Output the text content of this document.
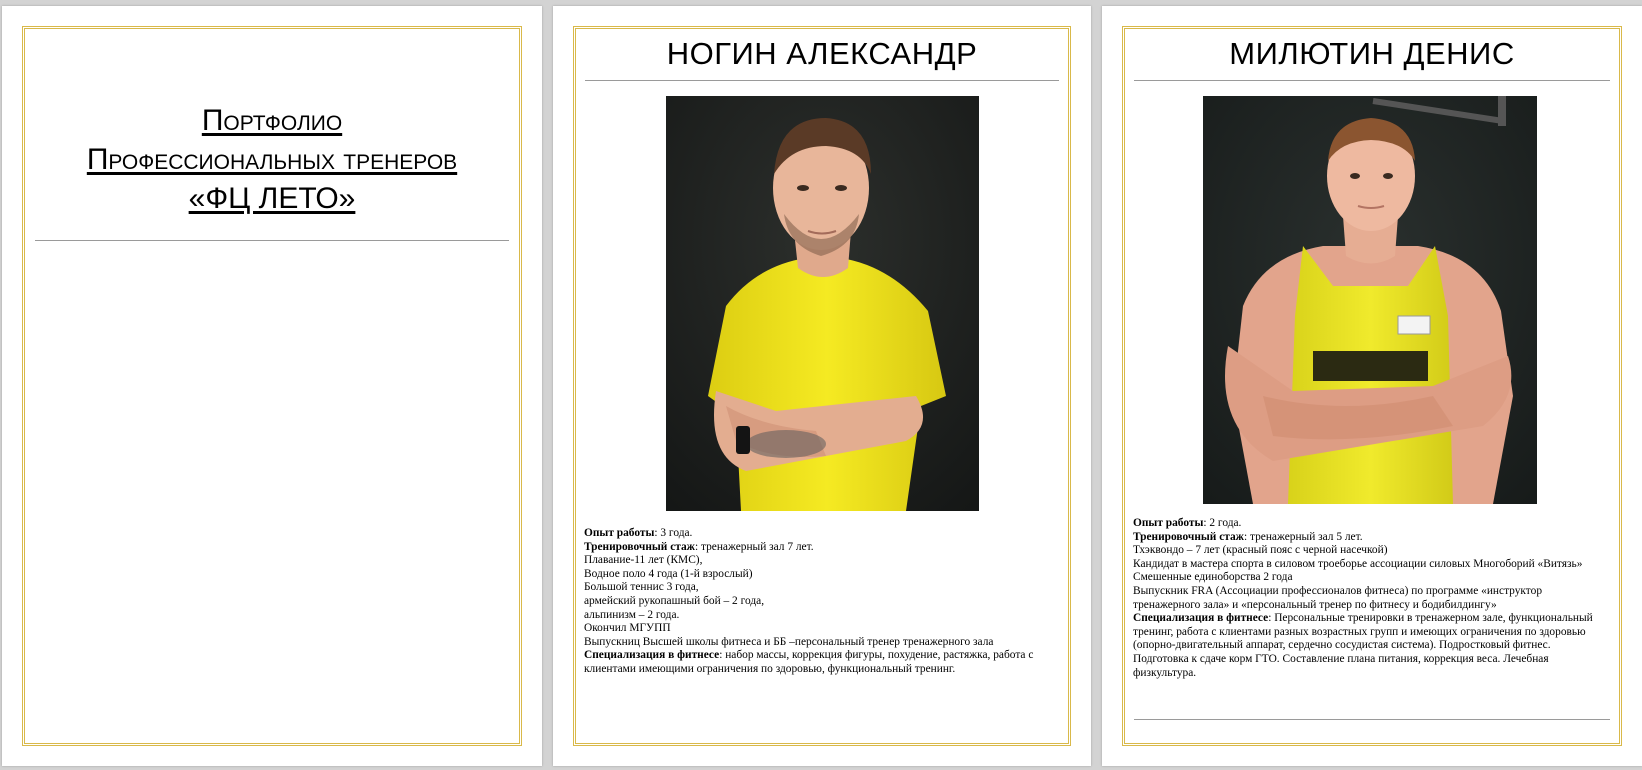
Портфолио
Профессиональных тренеров
«ФЦ ЛЕТО»
НОГИН АЛЕКСАНДР
Опыт работы: 3 года.
Тренировочный стаж: тренажерный зал 7 лет.
Плавание-11 лет (КМС),
Водное поло 4 года (1-й взрослый)
Большой теннис 3 года,
армейский рукопашный бой – 2 года,
альпинизм – 2 года.
Окончил МГУПП
Выпускниц Высшей школы фитнеса и ББ –персональный тренер тренажерного зала
Специализация в фитнесе: набор массы, коррекция фигуры, похудение, растяжка, работа с клиентами имеющими ограничения по здоровью, функциональный тренинг.
МИЛЮТИН ДЕНИС
Опыт работы: 2 года.
Тренировочный стаж: тренажерный зал 5 лет.
Тхэквондо – 7 лет (красный пояс с черной насечкой)
Кандидат в мастера спорта в силовом троеборье ассоциации силовых Многоборий «Витязь»
Смешенные единоборства 2 года
Выпускник FRA (Ассоциации профессионалов фитнеса) по программе «инструктор тренажерного зала» и «персональный тренер по фитнесу и бодибилдингу»
Специализация в фитнесе: Персональные тренировки в тренажерном зале, функциональный тренинг, работа с клиентами разных возрастных групп и имеющих ограничения по здоровью (опорно-двигательный аппарат, сердечно сосудистая система). Подростковый фитнес. Подготовка к сдаче корм ГТО. Составление плана питания, коррекция веса. Лечебная физкультура.
